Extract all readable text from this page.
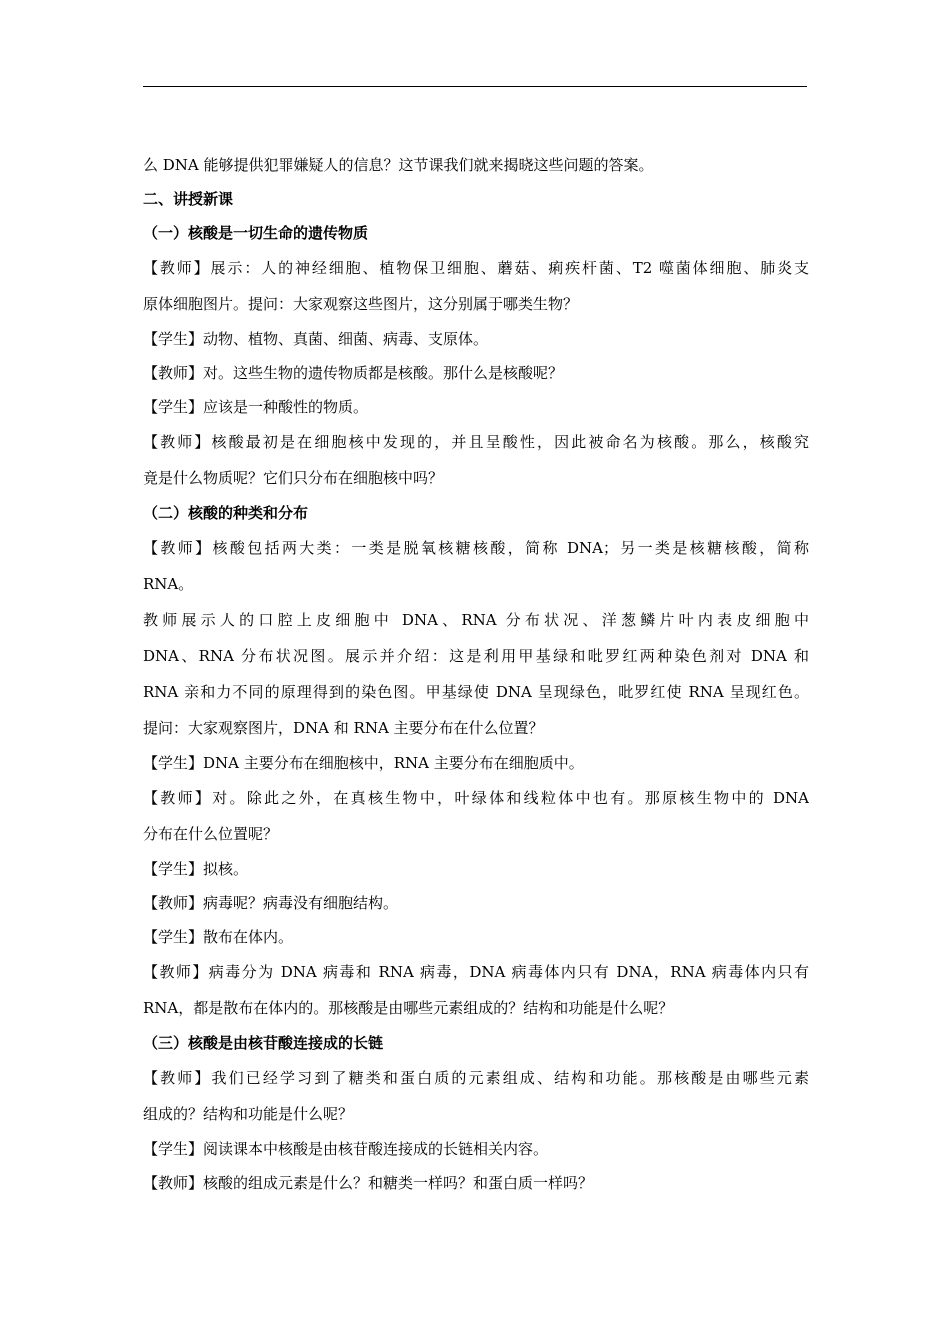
么 DNA 能够提供犯罪嫌疑人的信息？这节课我们就来揭晓这些问题的答案。
二、讲授新课
（一）核酸是一切生命的遗传物质
【教师】展示：人的神经细胞、植物保卫细胞、蘑菇、痢疾杆菌、T2 噬菌体细胞、肺炎支
原体细胞图片。提问：大家观察这些图片，这分别属于哪类生物？
【学生】动物、植物、真菌、细菌、病毒、支原体。
【教师】对。这些生物的遗传物质都是核酸。那什么是核酸呢？
【学生】应该是一种酸性的物质。
【教师】核酸最初是在细胞核中发现的，并且呈酸性，因此被命名为核酸。那么，核酸究
竟是什么物质呢？它们只分布在细胞核中吗？
（二）核酸的种类和分布
【教师】核酸包括两大类：一类是脱氧核糖核酸，简称 DNA；另一类是核糖核酸，简称
RNA。
教师展示人的口腔上皮细胞中 DNA、RNA 分布状况、洋葱鳞片叶内表皮细胞中
DNA、RNA 分布状况图。展示并介绍：这是利用甲基绿和吡罗红两种染色剂对 DNA 和
RNA 亲和力不同的原理得到的染色图。甲基绿使 DNA 呈现绿色，吡罗红使 RNA 呈现红色。
提问：大家观察图片，DNA 和 RNA 主要分布在什么位置？
【学生】DNA 主要分布在细胞核中，RNA 主要分布在细胞质中。
【教师】对。除此之外，在真核生物中，叶绿体和线粒体中也有。那原核生物中的 DNA
分布在什么位置呢？
【学生】拟核。
【教师】病毒呢？病毒没有细胞结构。
【学生】散布在体内。
【教师】病毒分为 DNA 病毒和 RNA 病毒，DNA 病毒体内只有 DNA，RNA 病毒体内只有
RNA，都是散布在体内的。那核酸是由哪些元素组成的？结构和功能是什么呢？
（三）核酸是由核苷酸连接成的长链
【教师】我们已经学习到了糖类和蛋白质的元素组成、结构和功能。那核酸是由哪些元素
组成的？结构和功能是什么呢？
【学生】阅读课本中核酸是由核苷酸连接成的长链相关内容。
【教师】核酸的组成元素是什么？和糖类一样吗？和蛋白质一样吗？
